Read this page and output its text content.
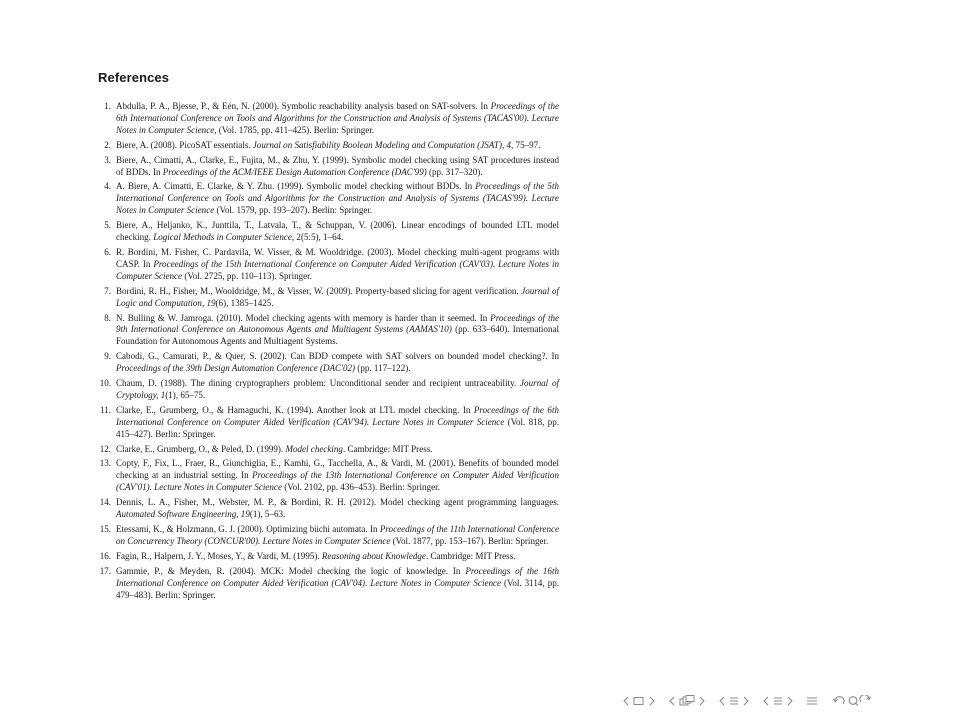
References
1. Abdulla, P. A., Bjesse, P., & Eén, N. (2000). Symbolic reachability analysis based on SAT-solvers. In Proceedings of the 6th International Conference on Tools and Algorithms for the Construction and Analysis of Systems (TACAS'00). Lecture Notes in Computer Science, (Vol. 1785, pp. 411–425). Berlin: Springer.
2. Biere, A. (2008). PicoSAT essentials. Journal on Satisfiability Boolean Modeling and Computation (JSAT), 4, 75–97.
3. Biere, A., Cimatti, A., Clarke, E., Fujita, M., & Zhu, Y. (1999). Symbolic model checking using SAT procedures instead of BDDs. In Proceedings of the ACM/IEEE Design Automation Conference (DAC'99) (pp. 317–320).
4. A. Biere, A. Cimatti, E. Clarke, & Y. Zhu. (1999). Symbolic model checking without BDDs. In Proceedings of the 5th International Conference on Tools and Algorithms for the Construction and Analysis of Systems (TACAS'99). Lecture Notes in Computer Science (Vol. 1579, pp. 193–207). Berlin: Springer.
5. Biere, A., Heljanko, K., Junttila, T., Latvala, T., & Schuppan, V. (2006). Linear encodings of bounded LTL model checking. Logical Methods in Computer Science, 2(5:5), 1–64.
6. R. Bordini, M. Fisher, C. Pardavila, W. Visser, & M. Wooldridge. (2003). Model checking multi-agent programs with CASP. In Proceedings of the 15th International Conference on Computer Aided Verification (CAV'03). Lecture Notes in Computer Science (Vol. 2725, pp. 110–113). Springer.
7. Bordini, R. H., Fisher, M., Wooldridge, M., & Visser, W. (2009). Property-based slicing for agent verification. Journal of Logic and Computation, 19(6), 1385–1425.
8. N. Bulling & W. Jamroga. (2010). Model checking agents with memory is harder than it seemed. In Proceedings of the 9th International Conference on Autonomous Agents and Multiagent Systems (AAMAS'10) (pp. 633–640). International Foundation for Autonomous Agents and Multiagent Systems.
9. Cabodi, G., Camurati, P., & Quer, S. (2002). Can BDD compete with SAT solvers on bounded model checking?. In Proceedings of the 39th Design Automation Conference (DAC'02) (pp. 117–122).
10. Chaum, D. (1988). The dining cryptographers problem: Unconditional sender and recipient untraceability. Journal of Cryptology, 1(1), 65–75.
11. Clarke, E., Grumberg, O., & Hamaguchi, K. (1994). Another look at LTL model checking. In Proceedings of the 6th International Conference on Computer Aided Verification (CAV'94). Lecture Notes in Computer Science (Vol. 818, pp. 415–427). Berlin: Springer.
12. Clarke, E., Grumberg, O., & Peled, D. (1999). Model checking. Cambridge: MIT Press.
13. Copty, F., Fix, L., Fraer, R., Giunchiglia, E., Kamhi, G., Tacchella, A., & Vardi, M. (2001). Benefits of bounded model checking at an industrial setting. In Proceedings of the 13th International Conference on Computer Aided Verification (CAV'01). Lecture Notes in Computer Science (Vol. 2102, pp. 436–453). Berlin: Springer.
14. Dennis, L. A., Fisher, M., Webster, M. P., & Bordini, R. H. (2012). Model checking agent programming languages. Automated Software Engineering, 19(1), 5–63.
15. Etessami, K., & Holzmann, G. J. (2000). Optimizing büchi automata. In Proceedings of the 11th International Conference on Concurrency Theory (CONCUR'00). Lecture Notes in Computer Science (Vol. 1877, pp. 153–167). Berlin: Springer.
16. Fagin, R., Halpern, J. Y., Moses, Y., & Vardi, M. (1995). Reasoning about Knowledge. Cambridge: MIT Press.
17. Gammie, P., & Meyden, R. (2004). MCK: Model checking the logic of knowledge. In Proceedings of the 16th International Conference on Computer Aided Verification (CAV'04). Lecture Notes in Computer Science (Vol. 3114, pp. 479–483). Berlin: Springer.
